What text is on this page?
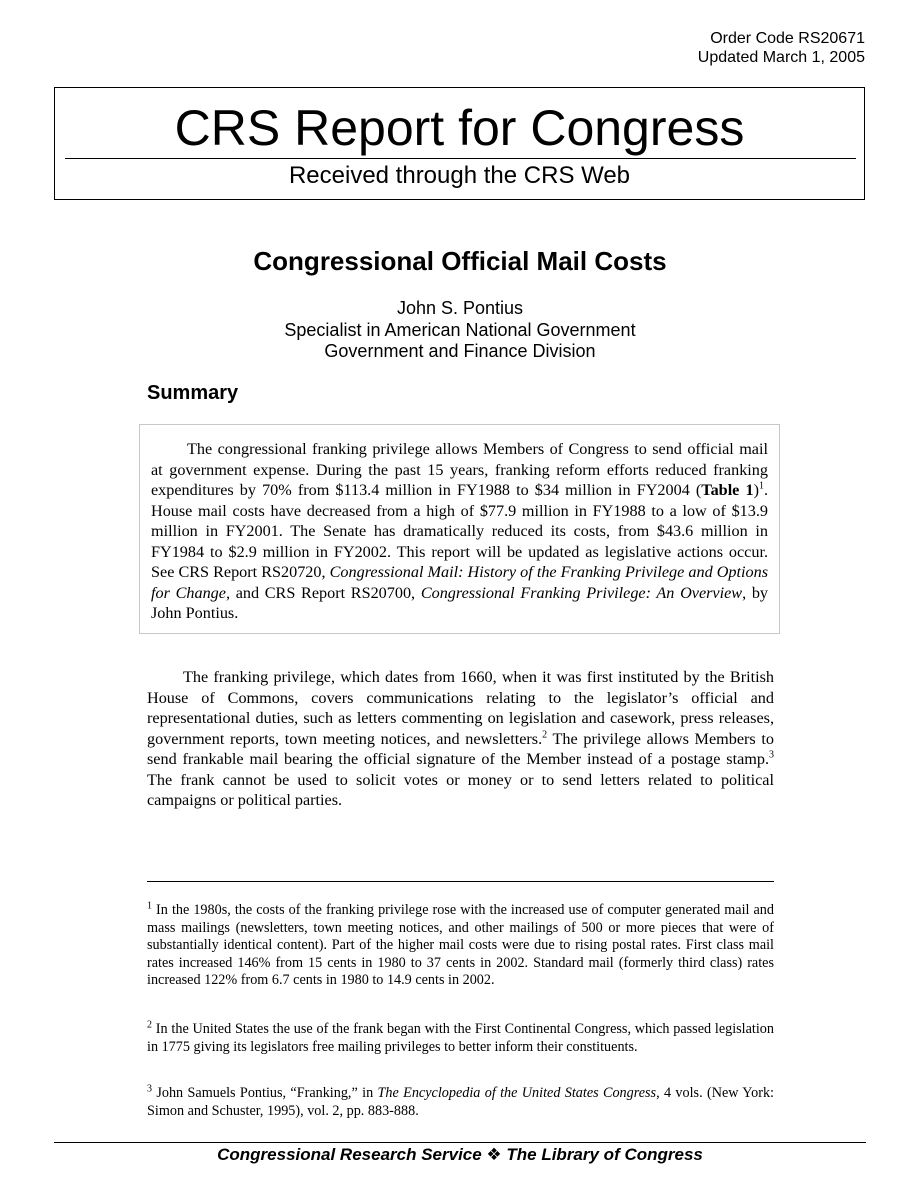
Order Code RS20671
Updated March 1, 2005
CRS Report for Congress
Received through the CRS Web
Congressional Official Mail Costs
John S. Pontius
Specialist in American National Government
Government and Finance Division
Summary

The congressional franking privilege allows Members of Congress to send official mail at government expense. During the past 15 years, franking reform efforts reduced franking expenditures by 70% from $113.4 million in FY1988 to $34 million in FY2004 (Table 1)$^1$. House mail costs have decreased from a high of $77.9 million in FY1988 to a low of $13.9 million in FY2001. The Senate has dramatically reduced its costs, from $43.6 million in FY1984 to $2.9 million in FY2002. This report will be updated as legislative actions occur. See CRS Report RS20720, Congressional Mail: History of the Franking Privilege and Options for Change, and CRS Report RS20700, Congressional Franking Privilege: An Overview, by John Pontius.

The franking privilege, which dates from 1660, when it was first instituted by the British House of Commons, covers communications relating to the legislator’s official and representational duties, such as letters commenting on legislation and casework, press releases, government reports, town meeting notices, and newsletters.$^2$ The privilege allows Members to send frankable mail bearing the official signature of the Member instead of a postage stamp.$^3$ The frank cannot be used to solicit votes or money or to send letters related to political campaigns or political parties.

$^1$ In the 1980s, the costs of the franking privilege rose with the increased use of computer generated mail and mass mailings (newsletters, town meeting notices, and other mailings of 500 or more pieces that were of substantially identical content). Part of the higher mail costs were due to rising postal rates. First class mail rates increased 146% from 15 cents in 1980 to 37 cents in 2002. Standard mail (formerly third class) rates increased 122% from 6.7 cents in 1980 to 14.9 cents in 2002.

$^2$ In the United States the use of the frank began with the First Continental Congress, which passed legislation in 1775 giving its legislators free mailing privileges to better inform their constituents.

$^3$ John Samuels Pontius, “Franking,” in The Encyclopedia of the United States Congress, 4 vols. (New York: Simon and Schuster, 1995), vol. 2, pp. 883-888.

Congressional Research Service ❖ The Library of Congress
